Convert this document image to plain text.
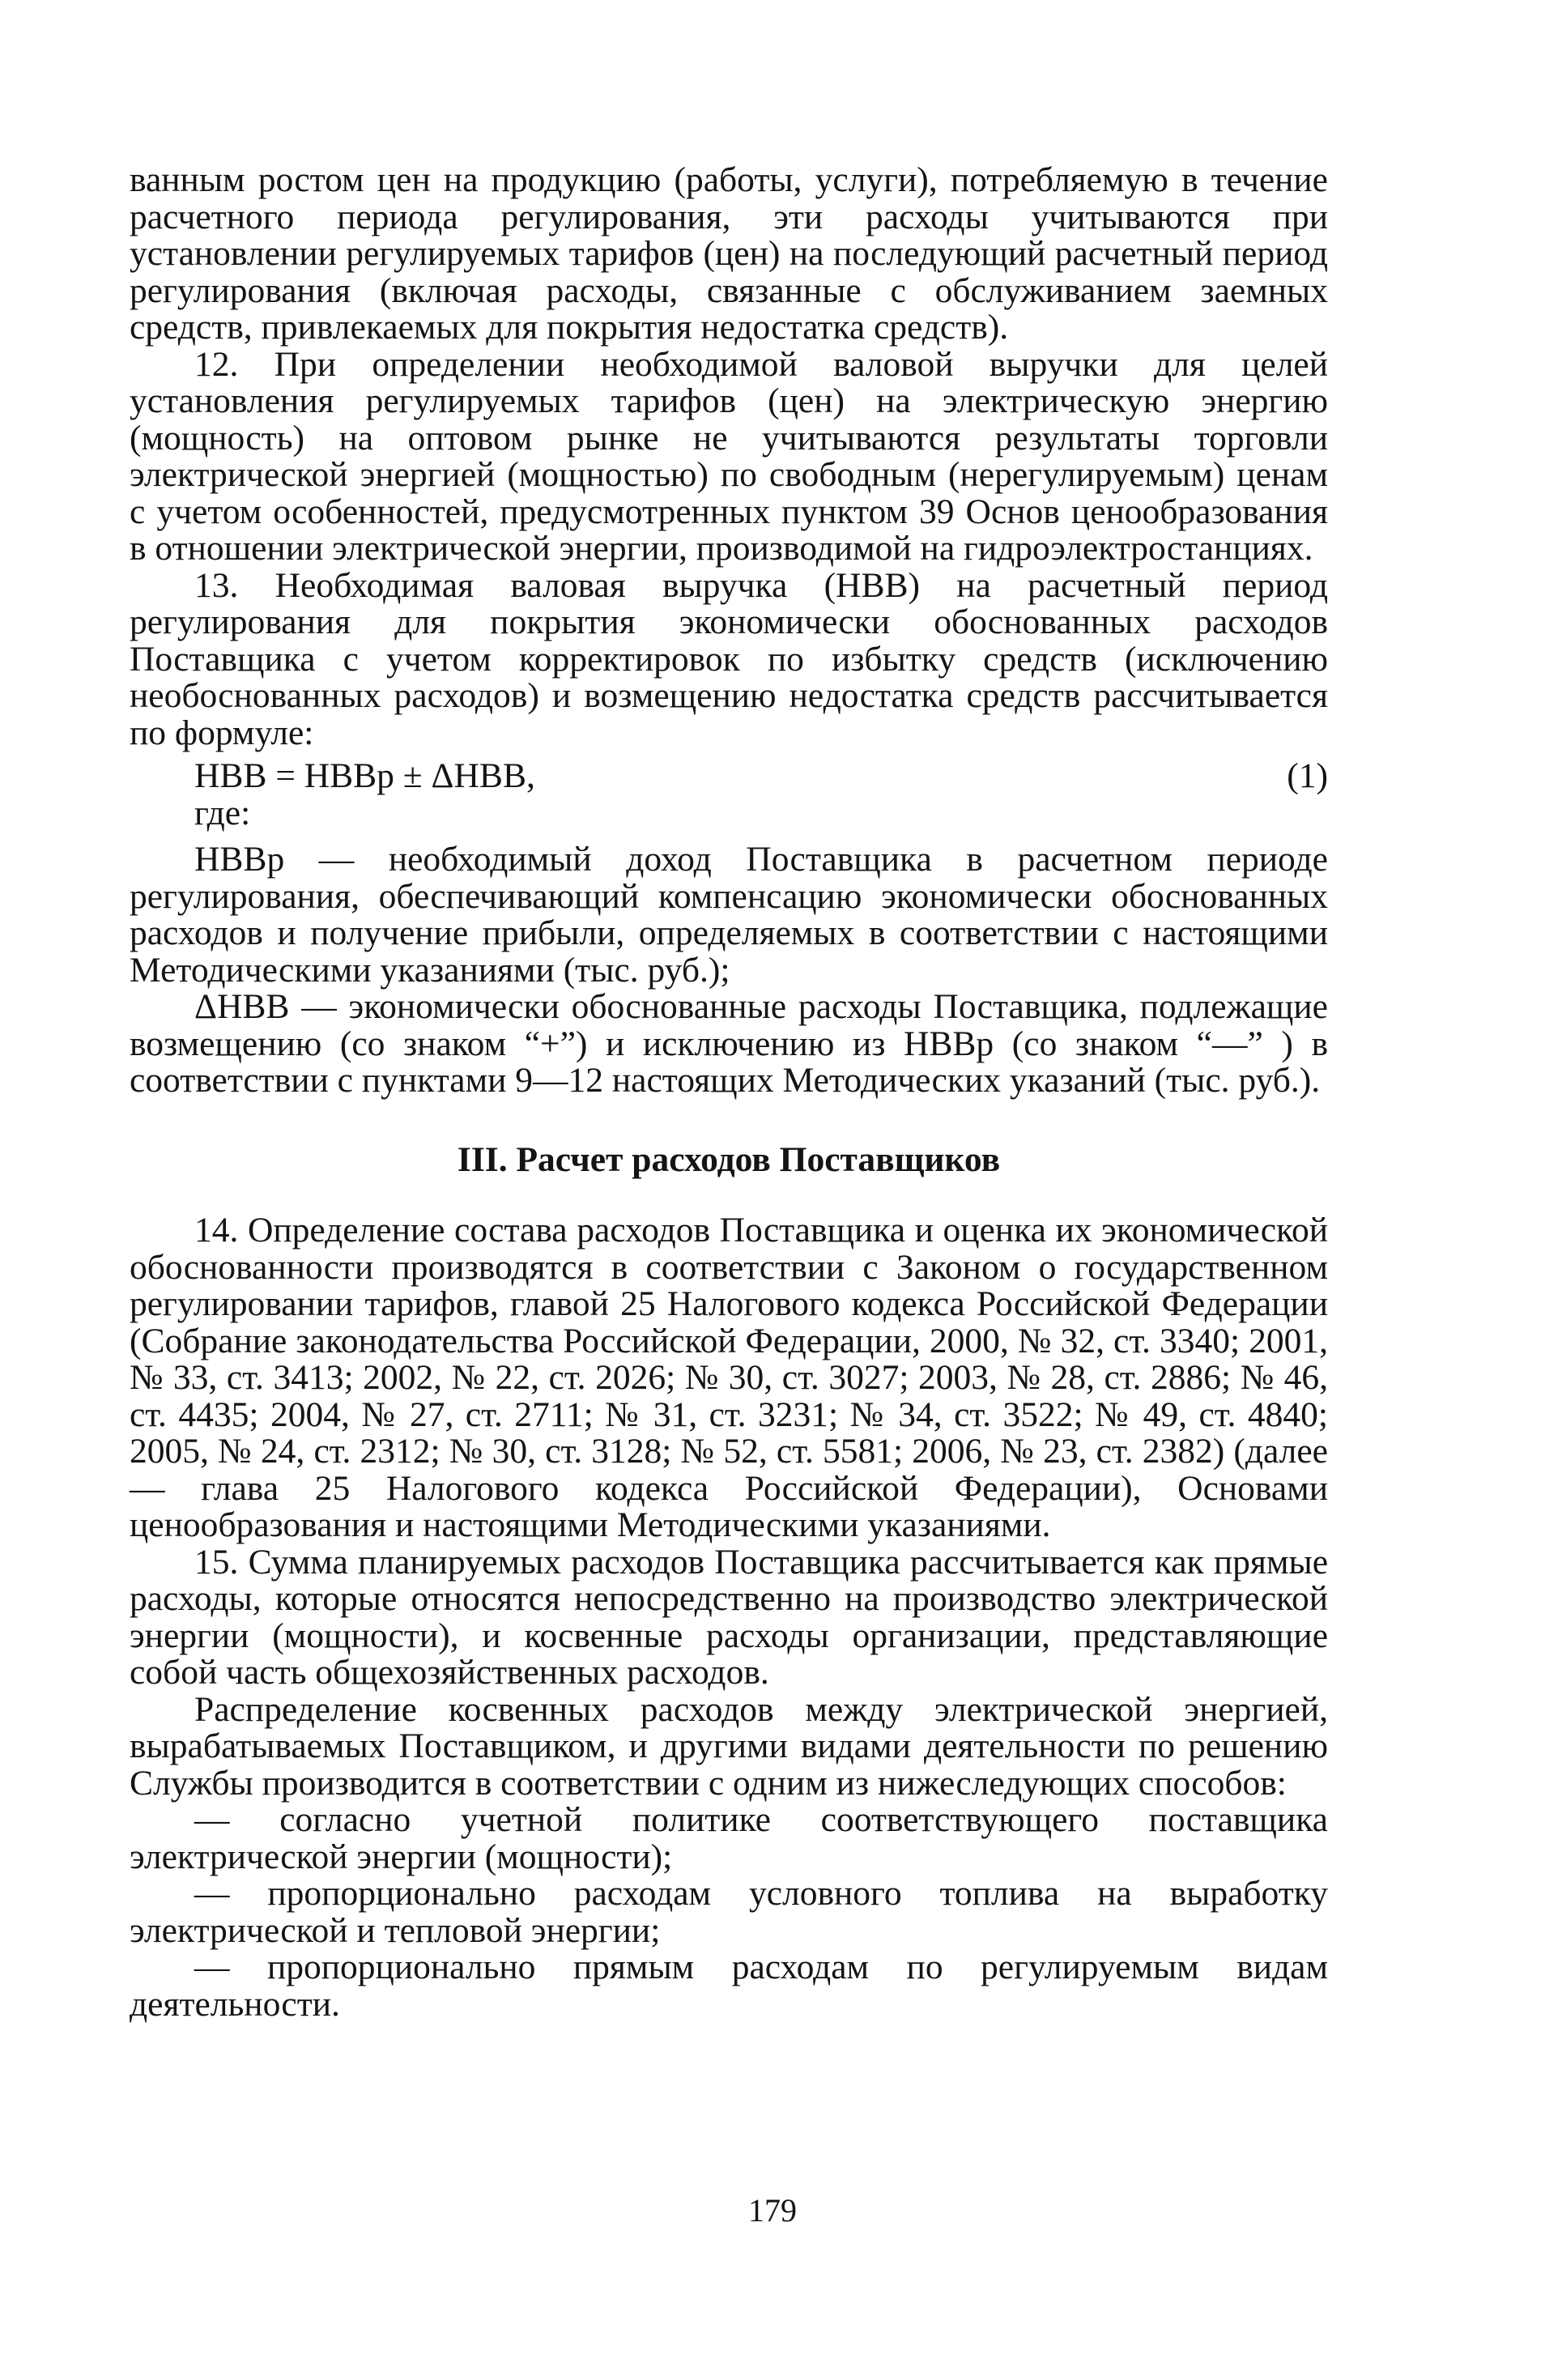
ванным ростом цен на продукцию (работы, услуги), потребляемую в течение расчетного периода регулирования, эти расходы учитываются при установлении регулируемых тарифов (цен) на последующий расчетный период регулирования (включая расходы, связанные с обслуживанием заемных средств, привлекаемых для покрытия недостатка средств).

12. При определении необходимой валовой выручки для целей установления регулируемых тарифов (цен) на электрическую энергию (мощность) на оптовом рынке не учитываются результаты торговли электрической энергией (мощностью) по свободным (нерегулируемым) ценам с учетом особенностей, предусмотренных пунктом 39 Основ ценообразования в отношении электрической энергии, производимой на гидроэлектростанциях.

13. Необходимая валовая выручка (НВВ) на расчетный период регулирования для покрытия экономически обоснованных расходов Поставщика с учетом корректировок по избытку средств (исключению необоснованных расходов) и возмещению недостатка средств рассчитывается по формуле:

НВВ = НВВр ± ΔНВВ,	(1)
где:

НВВр — необходимый доход Поставщика в расчетном периоде регулирования, обеспечивающий компенсацию экономически обоснованных расходов и получение прибыли, определяемых в соответствии с настоящими Методическими указаниями (тыс. руб.);

ΔНВВ — экономически обоснованные расходы Поставщика, подлежащие возмещению (со знаком “+”) и исключению из НВВр (со знаком “—” ) в соответствии с пунктами 9—12 настоящих Методических указаний (тыс. руб.).

III. Расчет расходов Поставщиков

14. Определение состава расходов Поставщика и оценка их экономической обоснованности производятся в соответствии с Законом о государственном регулировании тарифов, главой 25 Налогового кодекса Российской Федерации (Собрание законодательства Российской Федерации, 2000, № 32, ст. 3340; 2001, № 33, ст. 3413; 2002, № 22, ст. 2026; № 30, ст. 3027; 2003, № 28, ст. 2886; № 46, ст. 4435; 2004, № 27, ст. 2711; № 31, ст. 3231; № 34, ст. 3522; № 49, ст. 4840; 2005, № 24, ст. 2312; № 30, ст. 3128; № 52, ст. 5581; 2006, № 23, ст. 2382) (далее — глава 25 Налогового кодекса Российской Федерации), Основами ценообразования и настоящими Методическими указаниями.

15. Сумма планируемых расходов Поставщика рассчитывается как прямые расходы, которые относятся непосредственно на производство электрической энергии (мощности), и косвенные расходы организации, представляющие собой часть общехозяйственных расходов.

Распределение косвенных расходов между электрической энергией, вырабатываемых Поставщиком, и другими видами деятельности по решению Службы производится в соответствии с одним из нижеследующих способов:

— согласно учетной политике соответствующего поставщика электрической энергии (мощности);

— пропорционально расходам условного топлива на выработку электрической и тепловой энергии;

— пропорционально прямым расходам по регулируемым видам деятельности.

179
